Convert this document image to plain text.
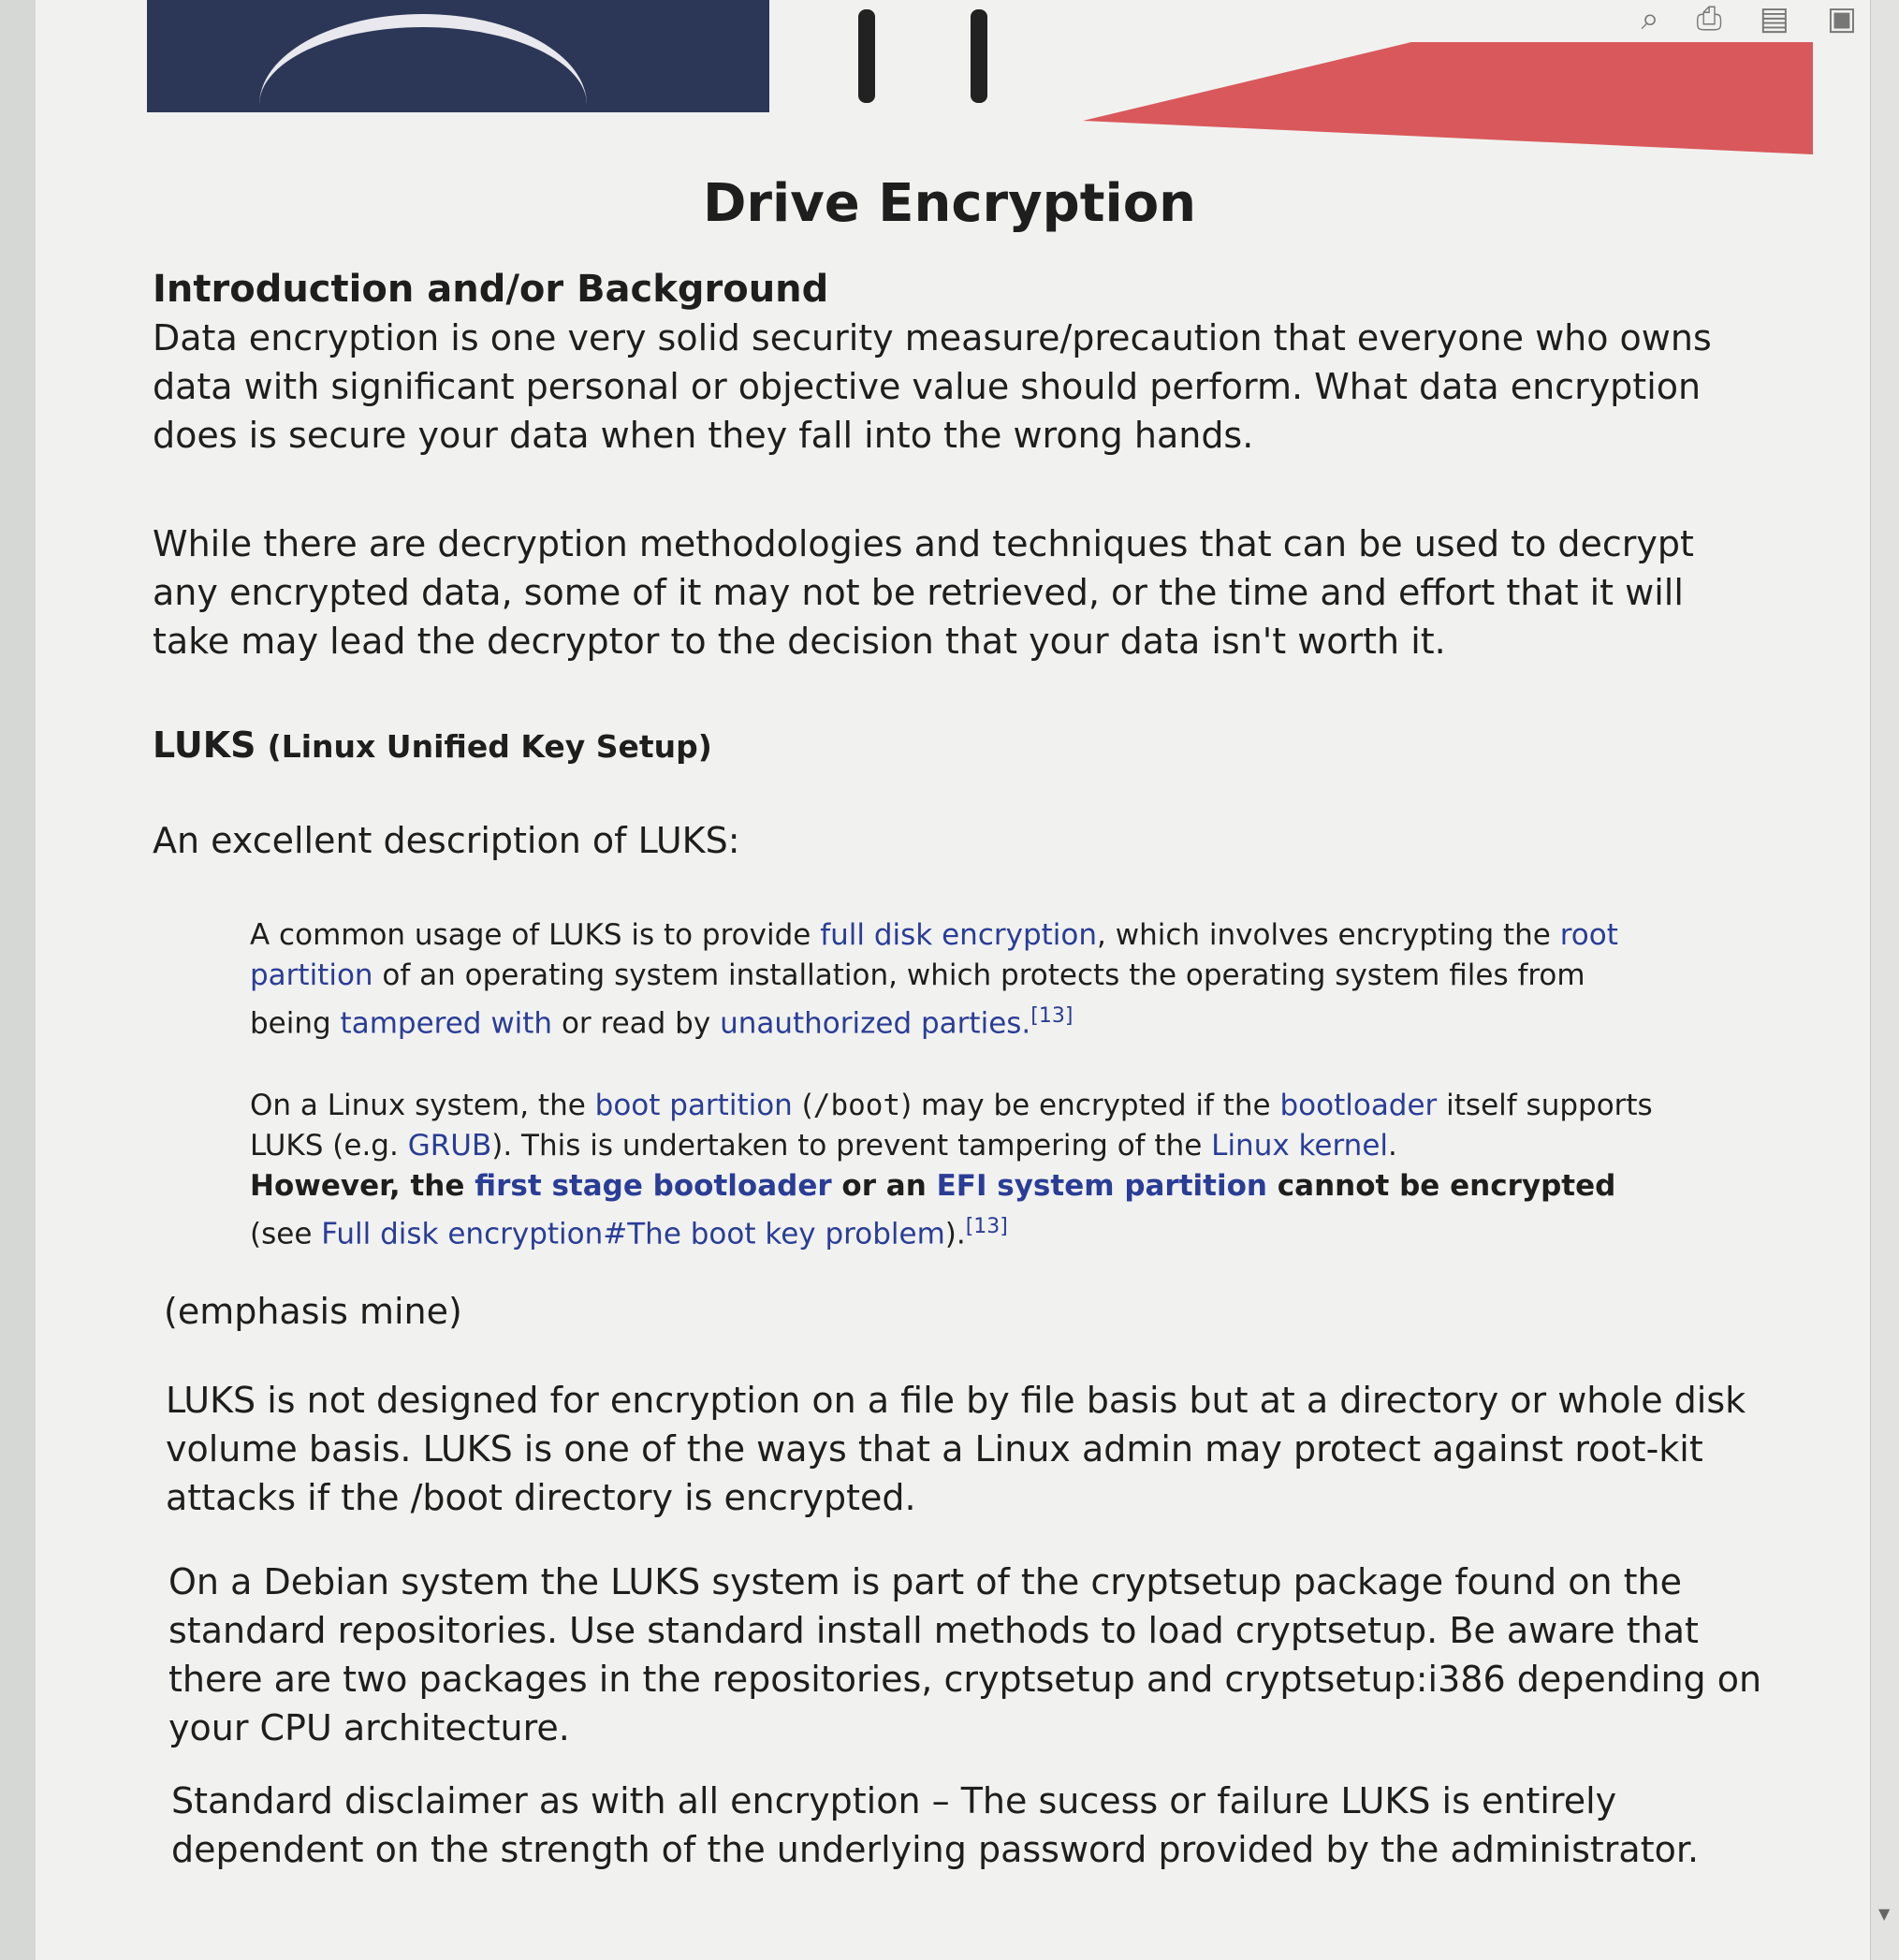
Drive Encryption
Introduction and/or Background
Data encryption is one very solid security measure/precaution that everyone who owns data with significant personal or objective value should perform. What data encryption does is secure your data when they fall into the wrong hands.
While there are decryption methodologies and techniques that can be used to decrypt any encrypted data, some of it may not be retrieved, or the time and effort that it will take may lead the decryptor to the decision that your data isn't worth it.
LUKS (Linux Unified Key Setup)
An excellent description of LUKS:
A common usage of LUKS is to provide full disk encryption, which involves encrypting the root partition of an operating system installation, which protects the operating system files from being tampered with or read by unauthorized parties.[13]
On a Linux system, the boot partition (/boot) may be encrypted if the bootloader itself supports LUKS (e.g. GRUB). This is undertaken to prevent tampering of the Linux kernel.
However, the first stage bootloader or an EFI system partition cannot be encrypted (see Full disk encryption#The boot key problem).[13]
(emphasis mine)
LUKS is not designed for encryption on a file by file basis but at a directory or whole disk volume basis. LUKS is one of the ways that a Linux admin may protect against root-kit attacks if the /boot directory is encrypted.
On a Debian system the LUKS system is part of the cryptsetup package found on the standard repositories. Use standard install methods to load cryptsetup. Be aware that there are two packages in the repositories, cryptsetup and cryptsetup:i386 depending on your CPU architecture.
Standard disclaimer as with all encryption – The sucess or failure LUKS is entirely dependent on the strength of the underlying password provided by the administrator.
▼
⌕ ⎙ ▤ ▣
